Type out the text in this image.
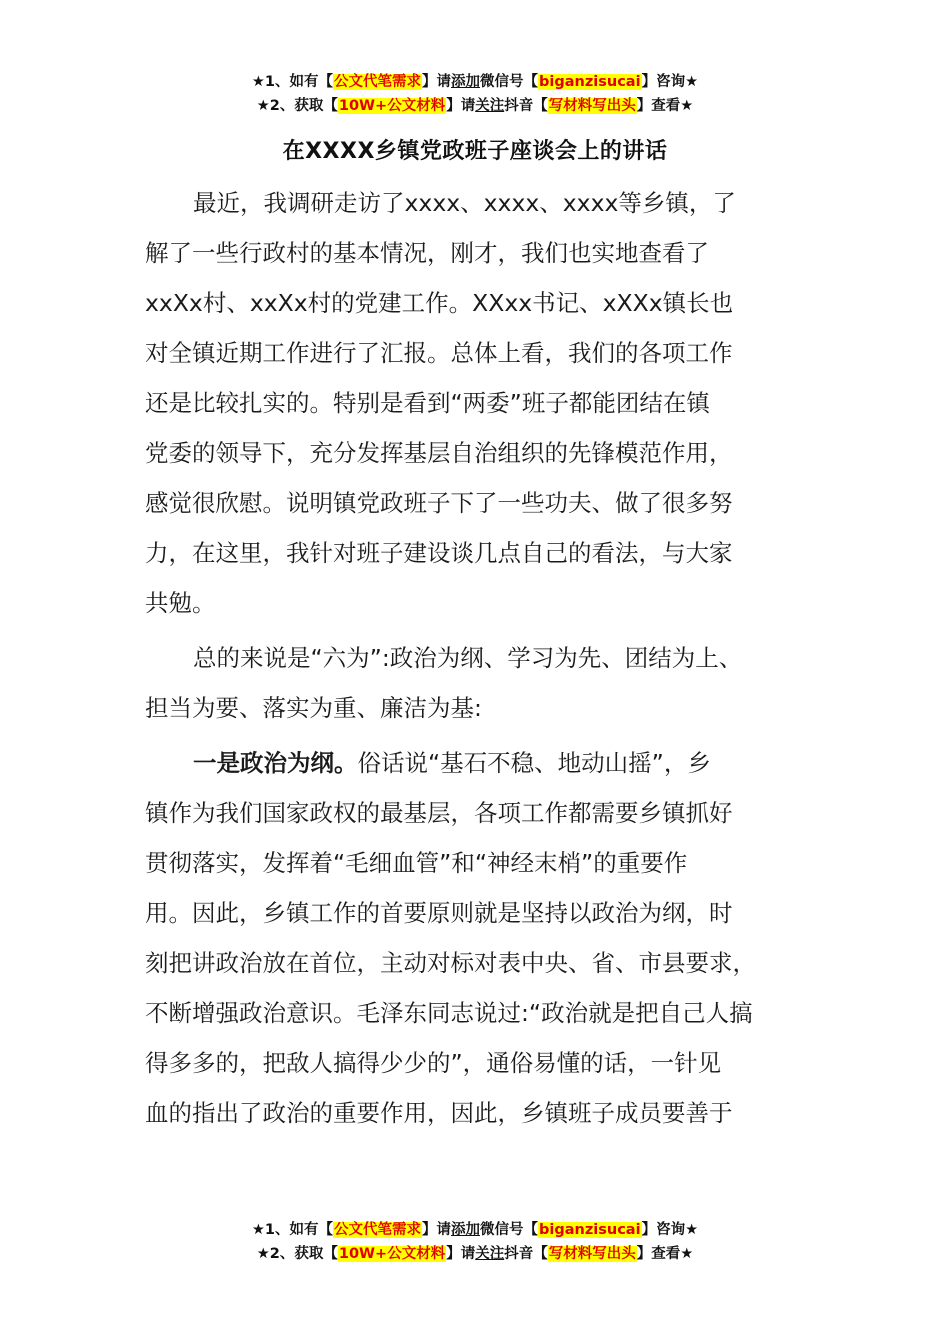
★1、如有【公文代笔需求】请添加微信号【biganzisucai】咨询★
★2、获取【10W+公文材料】请关注抖音【写材料写出头】查看★
在XXXX乡镇党政班子座谈会上的讲话
最近，我调研走访了xxxx、xxxx、xxxx等乡镇，了
解了一些行政村的基本情况，刚才，我们也实地查看了
xxXx村、xxXx村的党建工作。XXxx书记、xXXx镇长也
对全镇近期工作进行了汇报。总体上看，我们的各项工作
还是比较扎实的。特别是看到“两委”班子都能团结在镇
党委的领导下，充分发挥基层自治组织的先锋模范作用，
感觉很欣慰。说明镇党政班子下了一些功夫、做了很多努
力，在这里，我针对班子建设谈几点自己的看法，与大家
共勉。
总的来说是“六为”:政治为纲、学习为先、团结为上、
担当为要、落实为重、廉洁为基:
一是政治为纲。俗话说“基石不稳、地动山摇”，乡
镇作为我们国家政权的最基层，各项工作都需要乡镇抓好
贯彻落实，发挥着“毛细血管”和“神经末梢”的重要作
用。因此，乡镇工作的首要原则就是坚持以政治为纲，时
刻把讲政治放在首位，主动对标对表中央、省、市县要求，
不断增强政治意识。毛泽东同志说过:“政治就是把自己人搞
得多多的，把敌人搞得少少的”，通俗易懂的话，一针见
血的指出了政治的重要作用，因此，乡镇班子成员要善于
★1、如有【公文代笔需求】请添加微信号【biganzisucai】咨询★
★2、获取【10W+公文材料】请关注抖音【写材料写出头】查看★
